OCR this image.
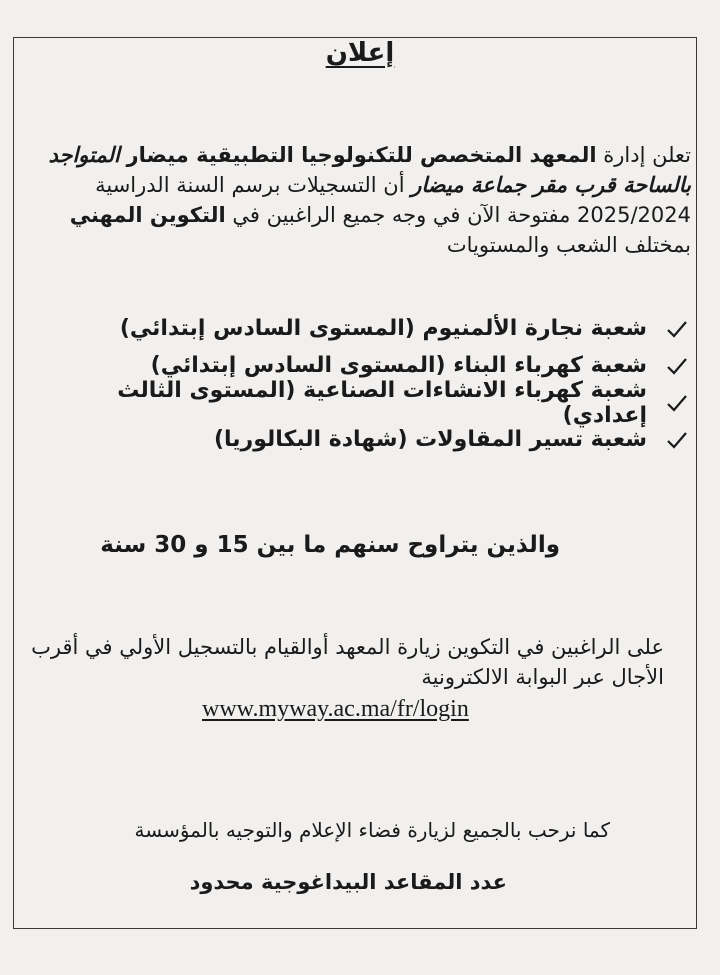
إعلان
تعلن إدارة المعهد المتخصص للتكنولوجيا التطبيقية ميضار المتواجد بالساحة قرب مقر جماعة ميضار أن التسجيلات برسم السنة الدراسية 2025/2024 مفتوحة الآن في وجه جميع الراغبين في التكوين المهني بمختلف الشعب والمستويات
شعبة نجارة الألمنيوم (المستوى السادس إبتدائي)
شعبة كهرباء البناء (المستوى السادس إبتدائي)
شعبة كهرباء الانشاءات الصناعية (المستوى الثالث إعدادي)
شعبة تسير المقاولات (شهادة البكالوريا)
والذين يتراوح سنهم ما بين 15 و 30 سنة
على الراغبين في التكوين زيارة المعهد أوالقيام بالتسجيل الأولي في أقرب الأجال عبر البوابة الالكترونية
www.myway.ac.ma/fr/login
كما نرحب بالجميع لزيارة فضاء الإعلام والتوجيه بالمؤسسة
عدد المقاعد البيداغوجية محدود
